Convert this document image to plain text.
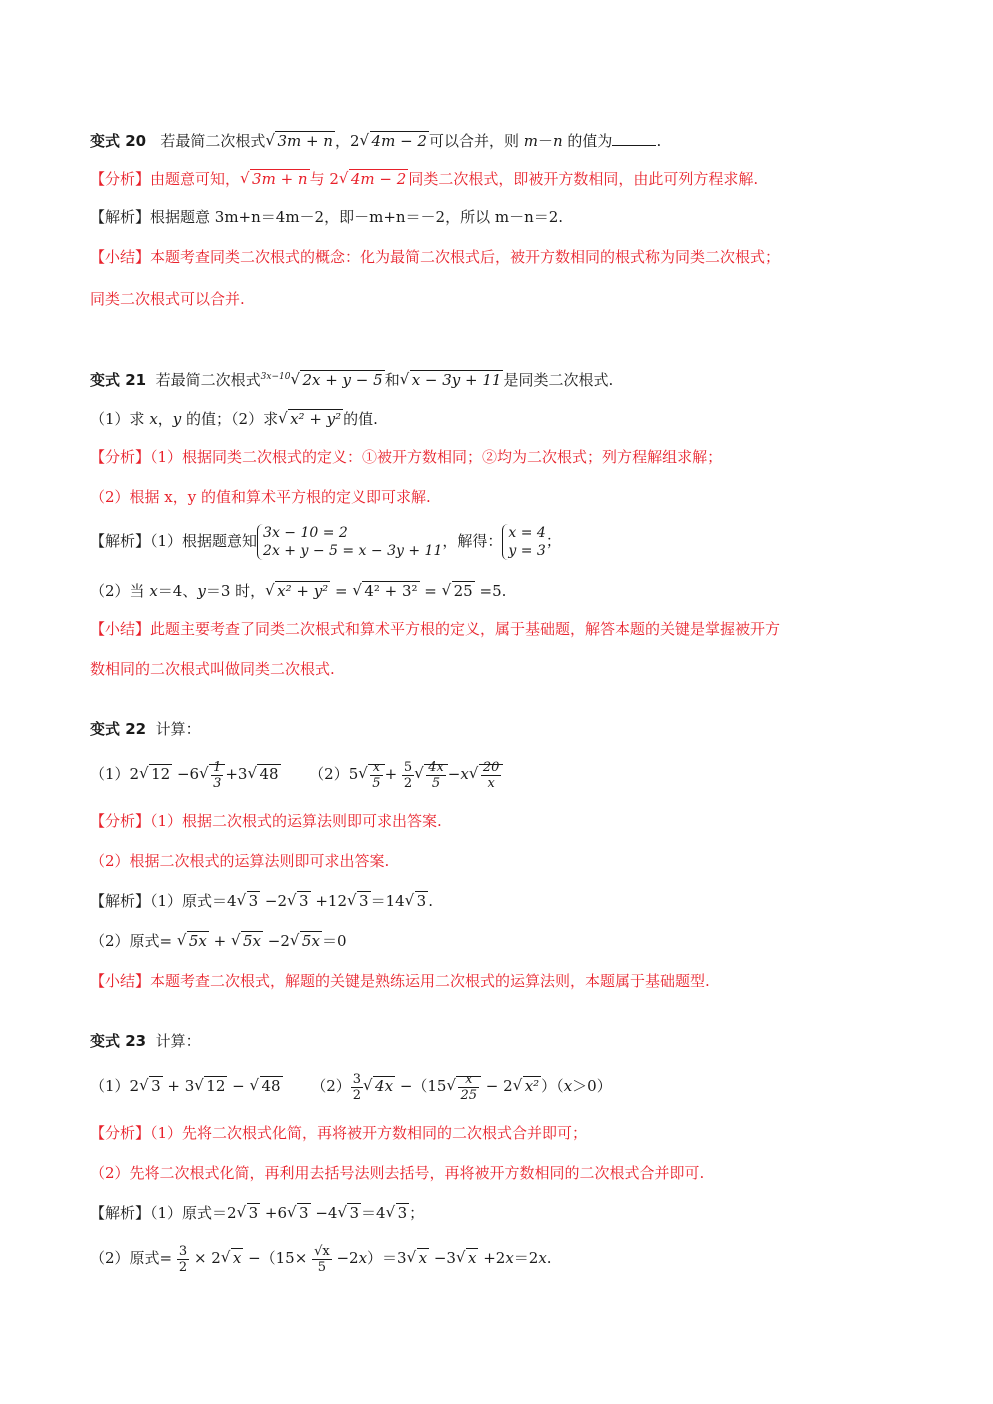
变式 20   若最简二次根式 √ 3m + n ，2 √ 4m − 2 可以合并，则 m－n 的值为	.
【分析】由题意可知， √ 3m + n 与 2 √ 4m − 2 同类二次根式，即被开方数相同，由此可列方程求解.
【解析】根据题意 3m+n＝4m－2，即－m+n＝－2，所以 m－n＝2.
【小结】本题考查同类二次根式的概念：化为最简二次根式后，被开方数相同的根式称为同类二次根式；
同类二次根式可以合并.
变式 21  若最简二次根式$^{3x-10}$ √ 2x + y − 5 和 √ x − 3y + 11 是同类二次根式.
（1）求 x，y 的值；（2）求 √ x² + y² 的值.
【分析】（1）根据同类二次根式的定义：①被开方数相同；②均为二次根式；列方程解组求解；
（2）根据 x，y 的值和算术平方根的定义即可求解.
【解析】（1）根据题意知 3x − 10 = 2
2x + y − 5 = x − 3y + 11，解得： x = 4
y = 3；
（2）当 x＝4、y＝3 时， √ x² + y² = √ 4² + 3² = √ 25 =5.
【小结】此题主要考查了同类二次根式和算术平方根的定义，属于基础题，解答本题的关键是掌握被开方
数相同的二次根式叫做同类二次根式.
变式 22 计算：
（1）2 √ 12 −6 √ $\frac{1}{3} +3$ √ 48      （2）5 √ $\frac{x}{5} + \frac{5}{2}$ √ $\frac{4x}{5} -x$ √ $\frac{20}{x}$
【分析】（1）根据二次根式的运算法则即可求出答案.
（2）根据二次根式的运算法则即可求出答案.
【解析】（1）原式＝4 √ 3 −2 √ 3 +12 √ 3 ＝14 √ 3 .
（2）原式= √ 5x + √ 5x −2 √ 5x ＝0
【小结】本题考查二次根式，解题的关键是熟练运用二次根式的运算法则，本题属于基础题型.
变式 23 计算：
（1）2 √ 3 + 3 √ 12 − √ 48      $(2) \frac{3}{2}$ √ 4x −（15 √ $\frac{x}{25} - 2$ √ x² ）（x＞0）
【分析】（1）先将二次根式化简，再将被开方数相同的二次根式合并即可；
（2）先将二次根式化简，再利用去括号法则去括号，再将被开方数相同的二次根式合并即可.
【解析】（1）原式＝2 √ 3 +6 √ 3 −4 √ 3 ＝4 √ 3 ；
（2）原式= $\frac{3}{2} \times 2$ √ $x -(15\times \frac{√x}{5} -2x)=3$ √ x −3 √ x +2x＝2x.
